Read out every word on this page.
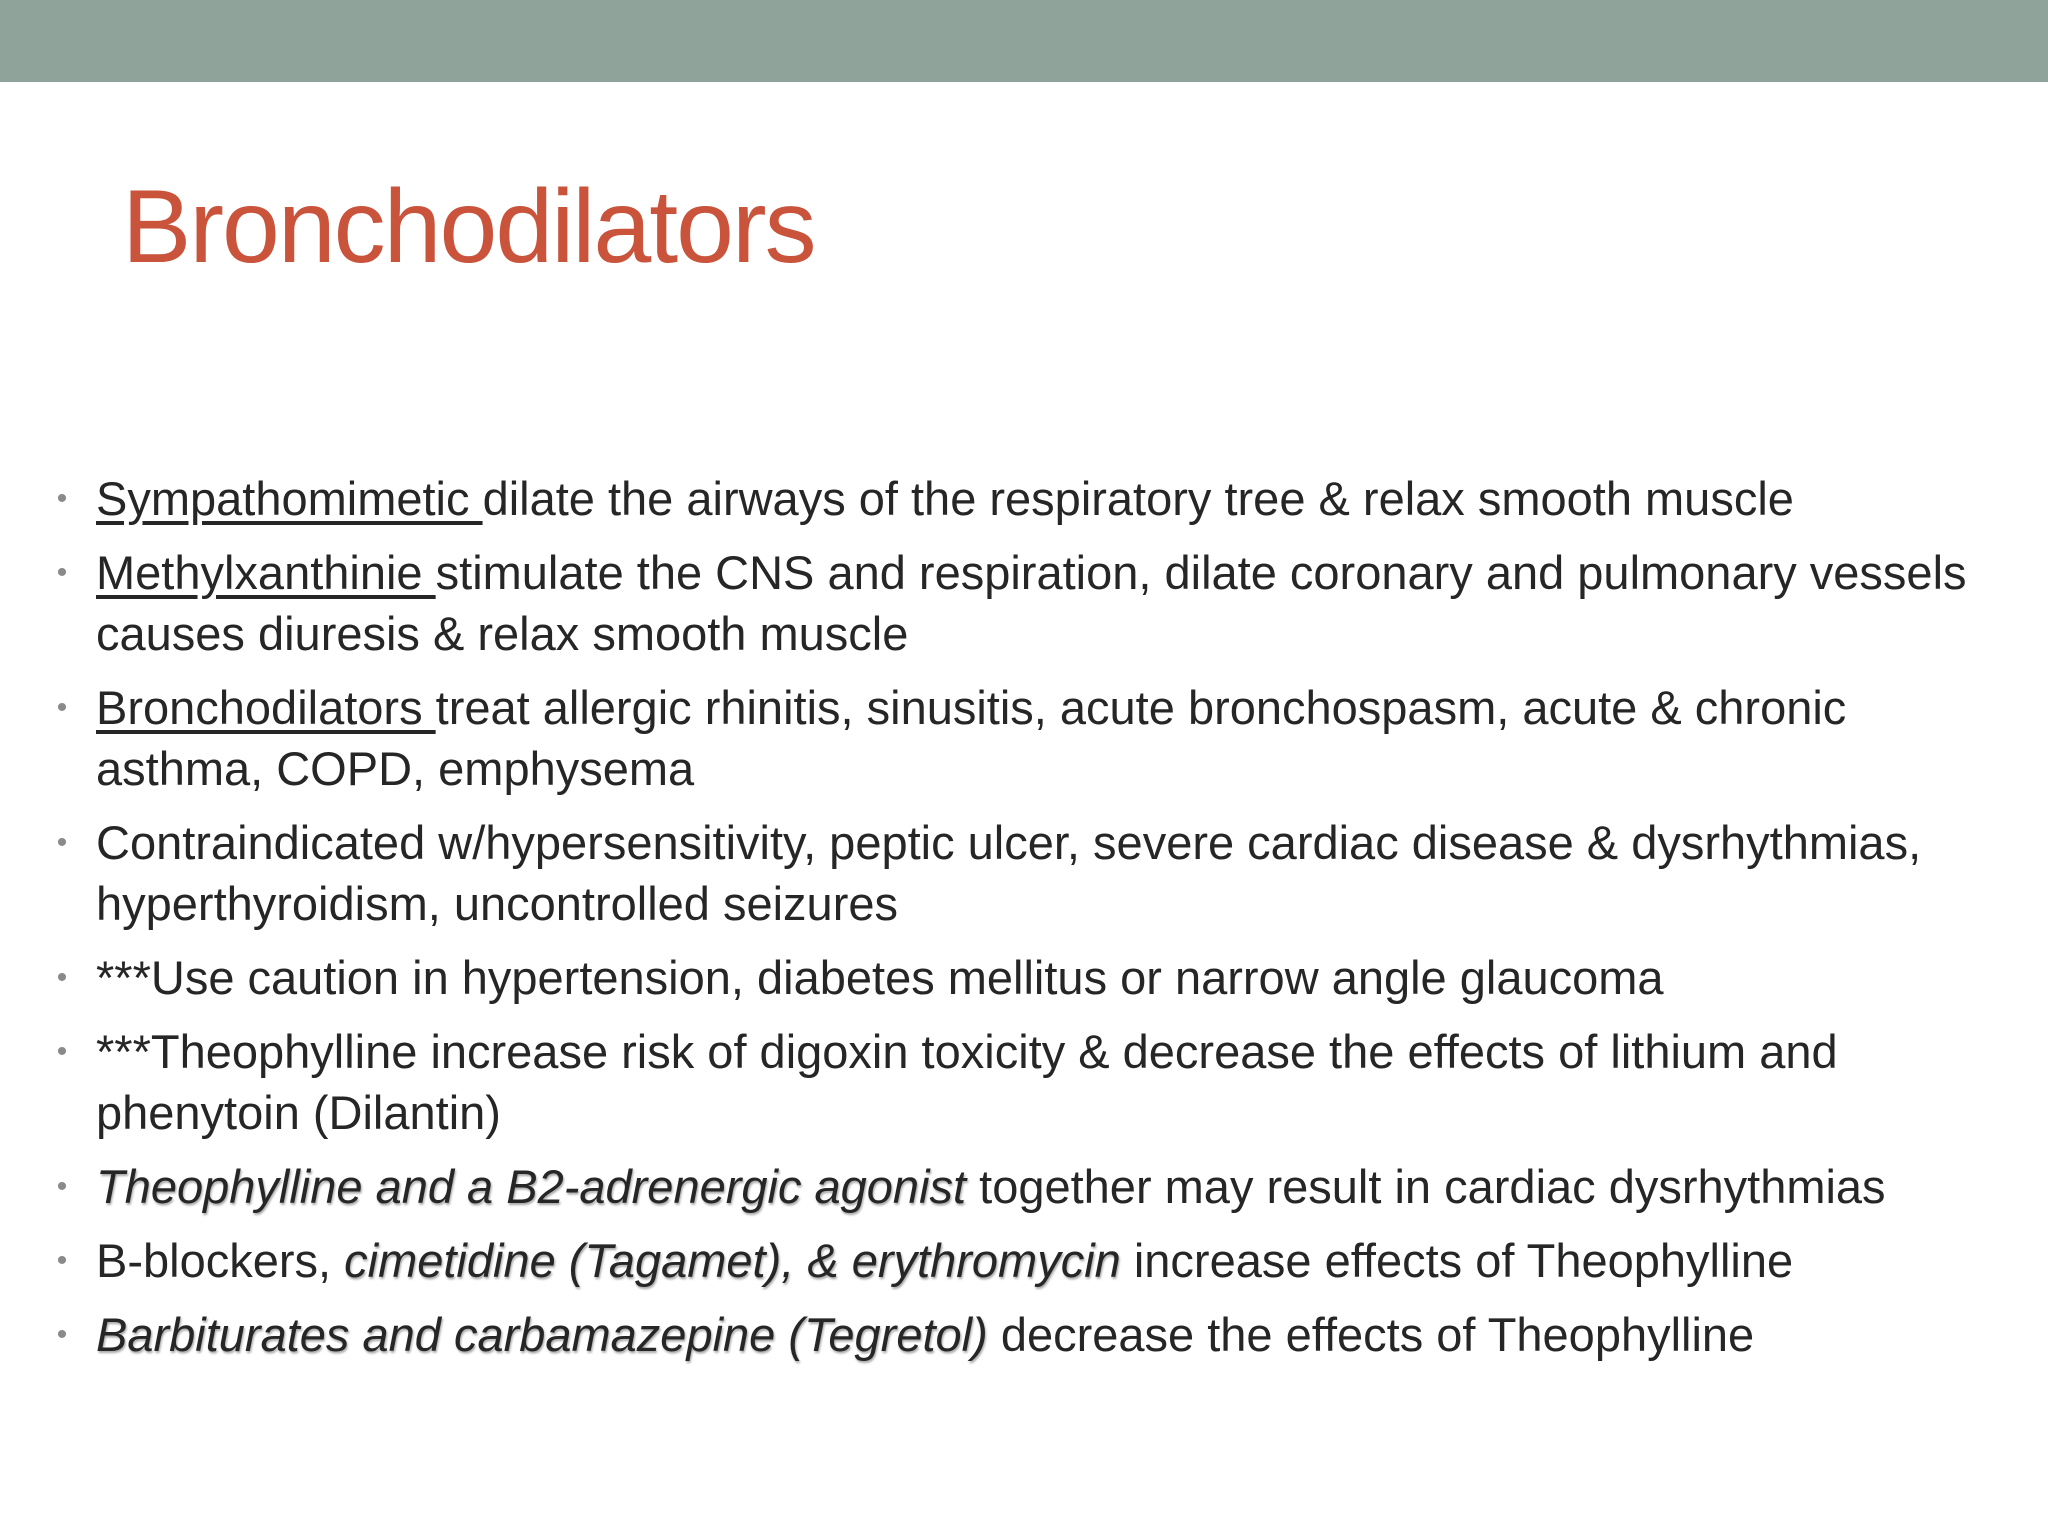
Bronchodilators
• Sympathomimetic dilate the airways of the respiratory tree & relax smooth muscle
• Methylxanthinie stimulate the CNS and respiration, dilate coronary and pulmonary vessels causes diuresis & relax smooth muscle
• Bronchodilators treat allergic rhinitis, sinusitis, acute bronchospasm, acute & chronic asthma, COPD, emphysema
• Contraindicated w/hypersensitivity, peptic ulcer, severe cardiac disease & dysrhythmias, hyperthyroidism, uncontrolled seizures
• ***Use caution in hypertension, diabetes mellitus or narrow angle glaucoma
• ***Theophylline increase risk of digoxin toxicity & decrease the effects of lithium and phenytoin (Dilantin)
• Theophylline and a B2-adrenergic agonist together may result in cardiac dysrhythmias
• B-blockers, cimetidine (Tagamet), & erythromycin increase effects of Theophylline
• Barbiturates and carbamazepine (Tegretol) decrease the effects of Theophylline
